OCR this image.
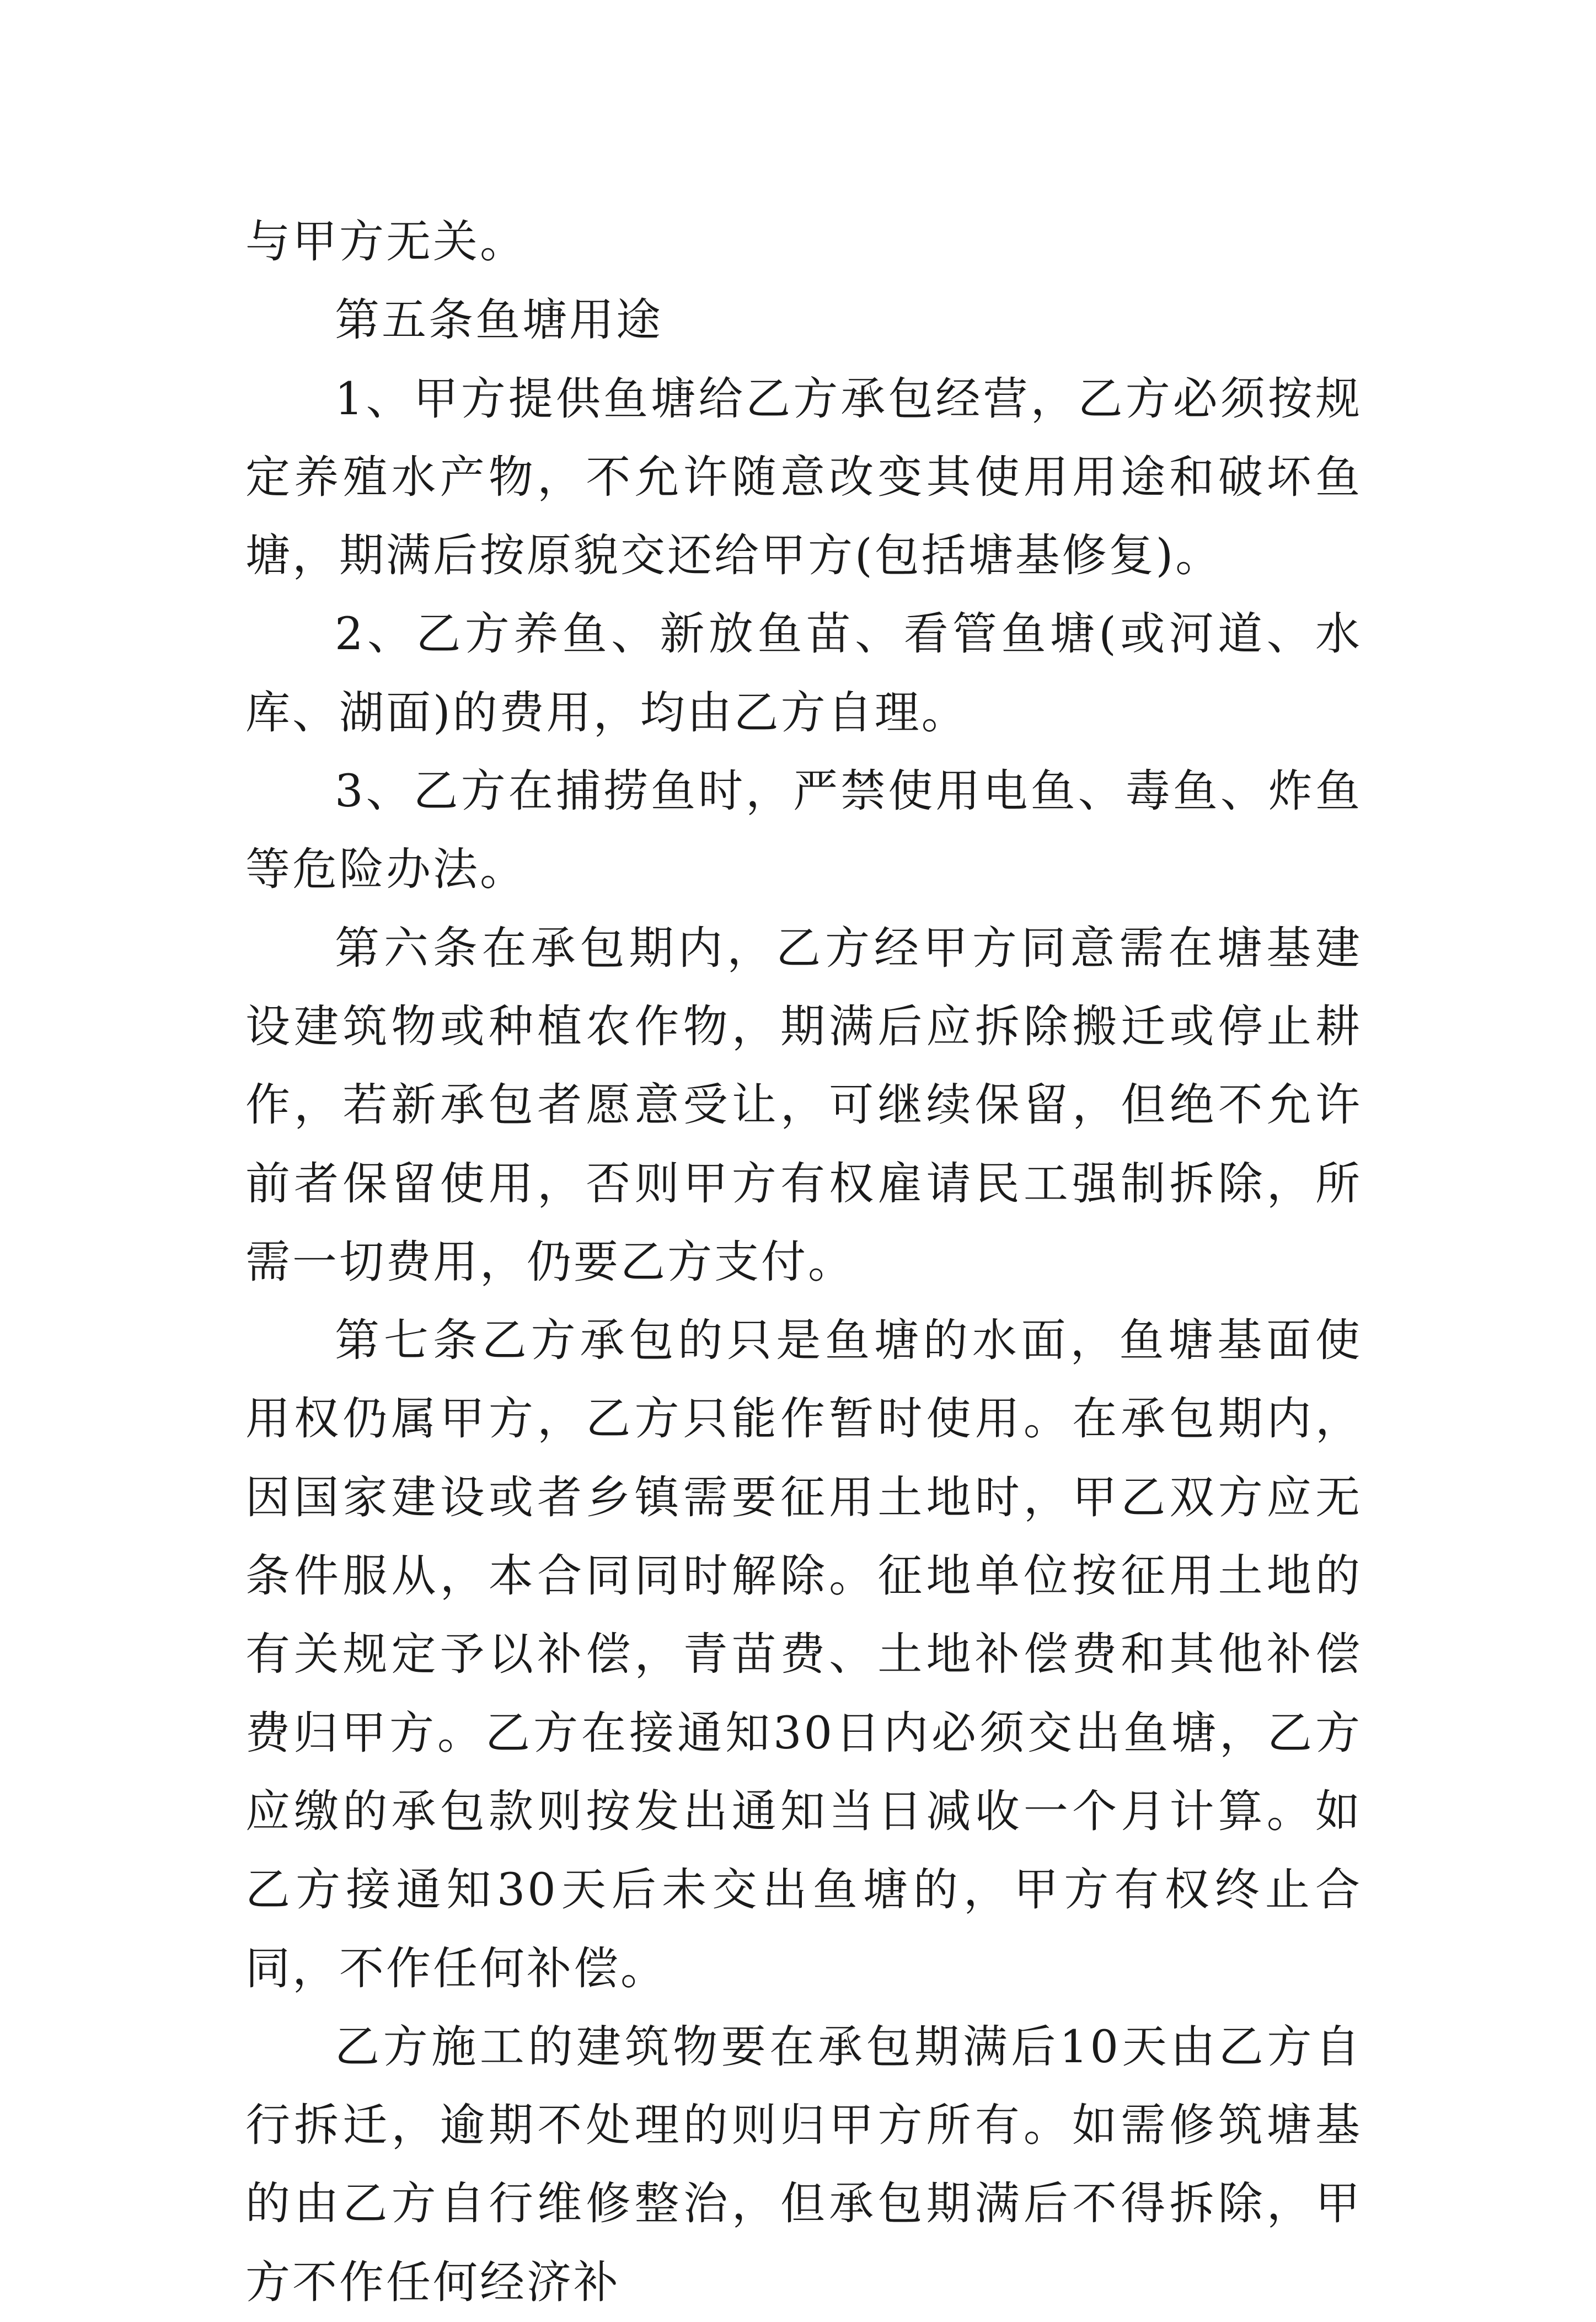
与甲方无关。

第五条鱼塘用途

1、甲方提供鱼塘给乙方承包经营，乙方必须按规定养殖水产物，不允许随意改变其使用用途和破坏鱼塘，期满后按原貌交还给甲方(包括塘基修复)。

2、乙方养鱼、新放鱼苗、看管鱼塘(或河道、水库、湖面)的费用，均由乙方自理。

3、乙方在捕捞鱼时，严禁使用电鱼、毒鱼、炸鱼等危险办法。

第六条在承包期内，乙方经甲方同意需在塘基建设建筑物或种植农作物，期满后应拆除搬迁或停止耕作，若新承包者愿意受让，可继续保留，但绝不允许前者保留使用，否则甲方有权雇请民工强制拆除，所需一切费用，仍要乙方支付。

第七条乙方承包的只是鱼塘的水面，鱼塘基面使用权仍属甲方，乙方只能作暂时使用。在承包期内，因国家建设或者乡镇需要征用土地时，甲乙双方应无条件服从，本合同同时解除。征地单位按征用土地的有关规定予以补偿，青苗费、土地补偿费和其他补偿费归甲方。乙方在接通知30日内必须交出鱼塘，乙方应缴的承包款则按发出通知当日减收一个月计算。如乙方接通知30天后未交出鱼塘的，甲方有权终止合同，不作任何补偿。

乙方施工的建筑物要在承包期满后10天由乙方自行拆迁，逾期不处理的则归甲方所有。如需修筑塘基的由乙方自行维修整治，但承包期满后不得拆除，甲方不作任何经济补
